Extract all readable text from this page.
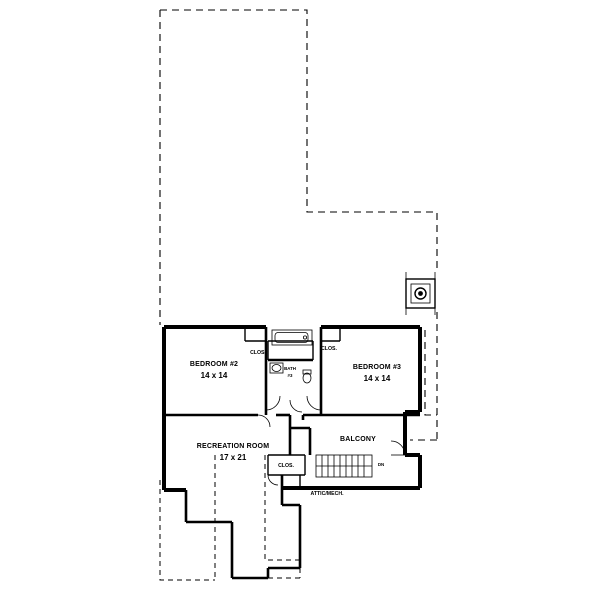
BEDROOM #2
14 x 14
BEDROOM #3
14 x 14
BATH
#3
RECREATION ROOM
17 x 21
BALCONY
ATTIC/MECH.
CLOS.
CLOS.
CLOS.	DN
